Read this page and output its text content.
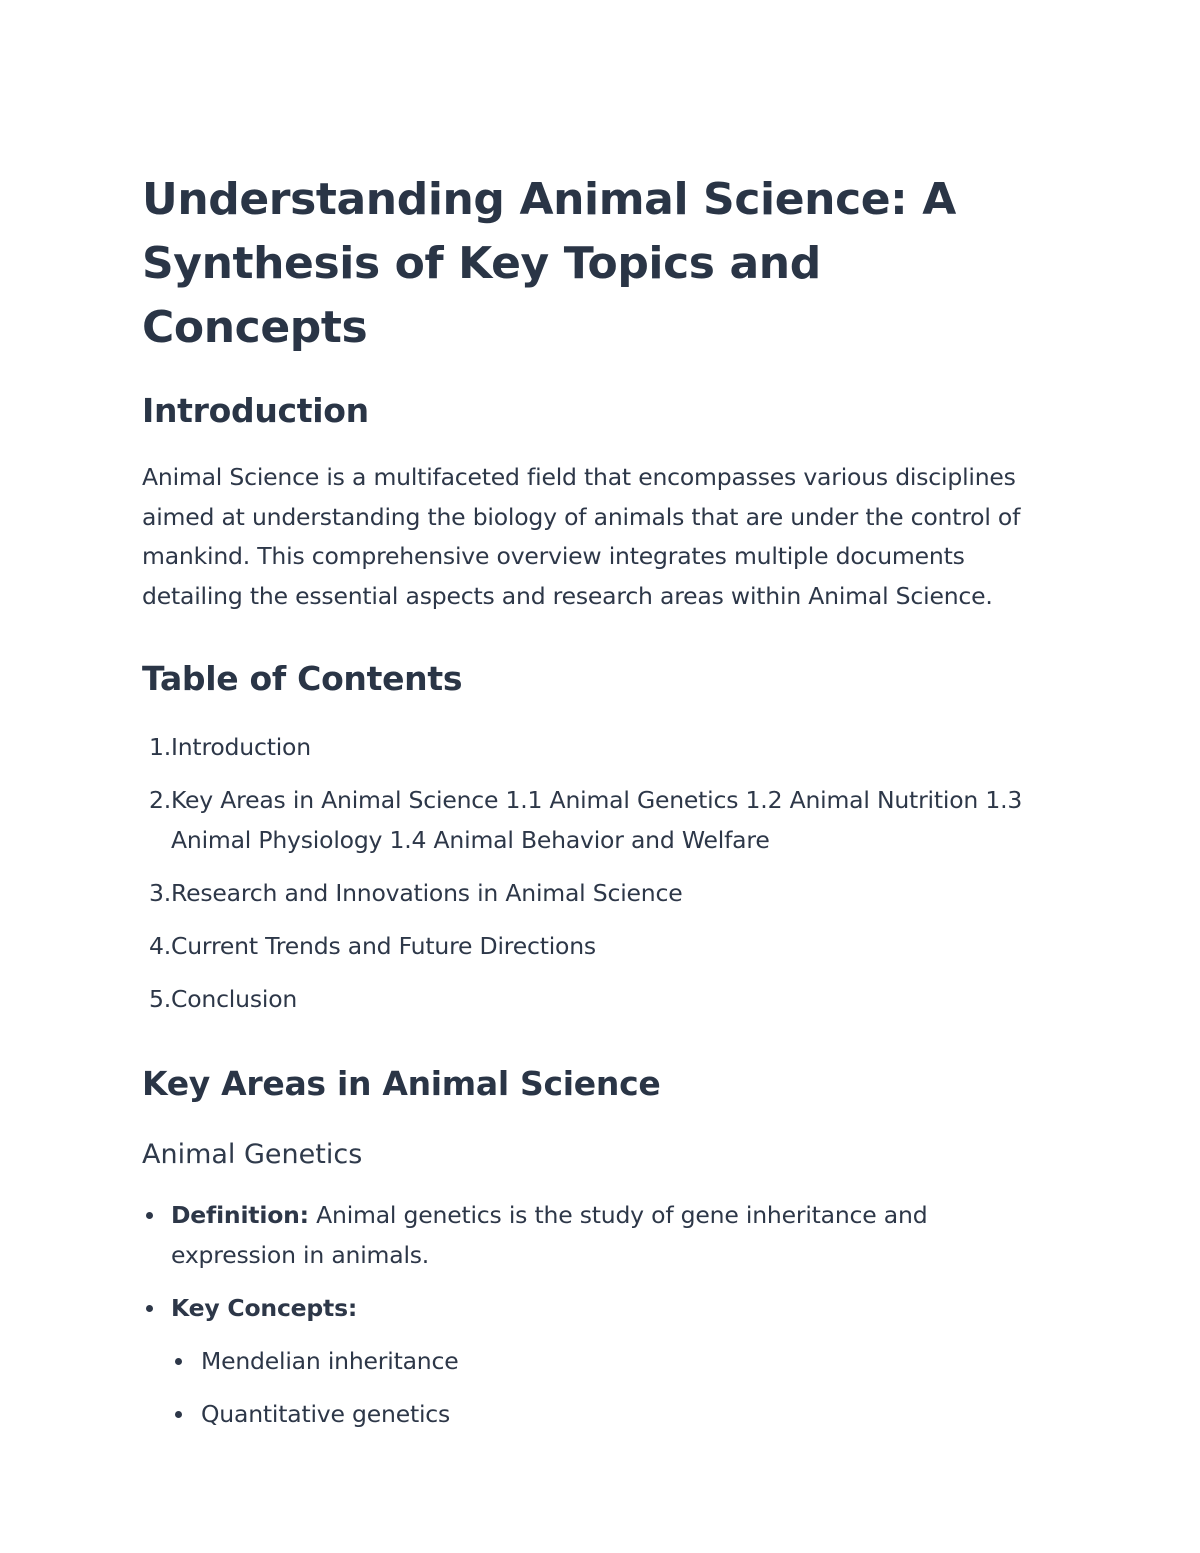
Understanding Animal Science: A Synthesis of Key Topics and Concepts
Introduction

Animal Science is a multifaceted field that encompasses various disciplines aimed at understanding the biology of animals that are under the control of mankind. This comprehensive overview integrates multiple documents detailing the essential aspects and research areas within Animal Science.

Table of Contents
1. Introduction
2. Key Areas in Animal Science 1.1 Animal Genetics 1.2 Animal Nutrition 1.3 Animal Physiology 1.4 Animal Behavior and Welfare
3. Research and Innovations in Animal Science
4. Current Trends and Future Directions
5. Conclusion
Key Areas in Animal Science
Animal Genetics
Definition: Animal genetics is the study of gene inheritance and expression in animals.
Key Concepts:
Mendelian inheritance
Quantitative genetics
